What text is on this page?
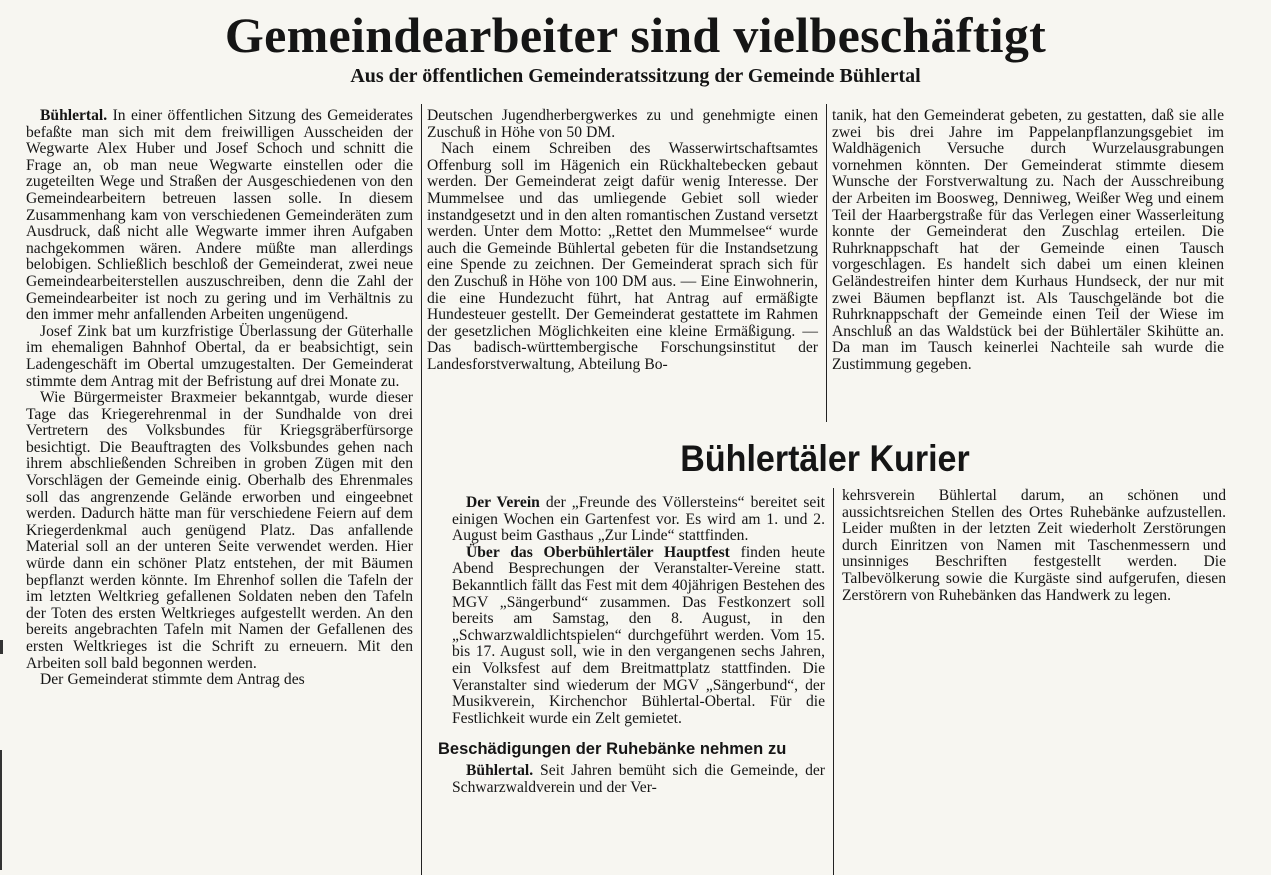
Gemeindearbeiter sind vielbeschäftigt
Aus der öffentlichen Gemeinderatssitzung der Gemeinde Bühlertal

Bühlertal. In einer öffentlichen Sitzung des Gemeiderates befaßte man sich mit dem freiwilligen Ausscheiden der Wegwarte Alex Huber und Josef Schoch und schnitt die Frage an, ob man neue Wegwarte einstellen oder die zugeteilten Wege und Straßen der Ausgeschiedenen von den Gemeindearbeitern betreuen lassen solle. In diesem Zusammenhang kam von verschiedenen Gemeinderäten zum Ausdruck, daß nicht alle Wegwarte immer ihren Aufgaben nachgekommen wären. Andere müßte man allerdings belobigen. Schließlich beschloß der Gemeinderat, zwei neue Gemeindearbeiterstellen auszuschreiben, denn die Zahl der Gemeindearbeiter ist noch zu gering und im Verhältnis zu den immer mehr anfallenden Arbeiten ungenügend.

Josef Zink bat um kurzfristige Überlassung der Güterhalle im ehemaligen Bahnhof Obertal, da er beabsichtigt, sein Ladengeschäft im Obertal umzugestalten. Der Gemeinderat stimmte dem Antrag mit der Befristung auf drei Monate zu.

Wie Bürgermeister Braxmeier bekanntgab, wurde dieser Tage das Kriegerehrenmal in der Sundhalde von drei Vertretern des Volksbundes für Kriegsgräberfürsorge besichtigt. Die Beauftragten des Volksbundes gehen nach ihrem abschließenden Schreiben in groben Zügen mit den Vorschlägen der Gemeinde einig. Oberhalb des Ehrenmales soll das angrenzende Gelände erworben und eingeebnet werden. Dadurch hätte man für verschiedene Feiern auf dem Kriegerdenkmal auch genügend Platz. Das anfallende Material soll an der unteren Seite verwendet werden. Hier würde dann ein schöner Platz entstehen, der mit Bäumen bepflanzt werden könnte. Im Ehrenhof sollen die Tafeln der im letzten Weltkrieg gefallenen Soldaten neben den Tafeln der Toten des ersten Weltkrieges aufgestellt werden. An den bereits angebrachten Tafeln mit Namen der Gefallenen des ersten Weltkrieges ist die Schrift zu erneuern. Mit den Arbeiten soll bald begonnen werden.

Der Gemeinderat stimmte dem Antrag des

Deutschen Jugendherbergwerkes zu und genehmigte einen Zuschuß in Höhe von 50 DM.

Nach einem Schreiben des Wasserwirtschaftsamtes Offenburg soll im Hägenich ein Rückhaltebecken gebaut werden. Der Gemeinderat zeigt dafür wenig Interesse. Der Mummelsee und das umliegende Gebiet soll wieder instandgesetzt und in den alten romantischen Zustand versetzt werden. Unter dem Motto: „Rettet den Mummelsee“ wurde auch die Gemeinde Bühlertal gebeten für die Instandsetzung eine Spende zu zeichnen. Der Gemeinderat sprach sich für den Zuschuß in Höhe von 100 DM aus. — Eine Einwohnerin, die eine Hundezucht führt, hat Antrag auf ermäßigte Hundesteuer gestellt. Der Gemeinderat gestattete im Rahmen der gesetzlichen Möglichkeiten eine kleine Ermäßigung. — Das badisch-württembergische Forschungsinstitut der Landesforstverwaltung, Abteilung Bo-

tanik, hat den Gemeinderat gebeten, zu gestatten, daß sie alle zwei bis drei Jahre im Pappelanpflanzungsgebiet im Waldhägenich Versuche durch Wurzelausgrabungen vornehmen könnten. Der Gemeinderat stimmte diesem Wunsche der Forstverwaltung zu. Nach der Ausschreibung der Arbeiten im Boosweg, Denniweg, Weißer Weg und einem Teil der Haarbergstraße für das Verlegen einer Wasserleitung konnte der Gemeinderat den Zuschlag erteilen. Die Ruhrknappschaft hat der Gemeinde einen Tausch vorgeschlagen. Es handelt sich dabei um einen kleinen Geländestreifen hinter dem Kurhaus Hundseck, der nur mit zwei Bäumen bepflanzt ist. Als Tauschgelände bot die Ruhrknappschaft der Gemeinde einen Teil der Wiese im Anschluß an das Waldstück bei der Bühlertäler Skihütte an. Da man im Tausch keinerlei Nachteile sah wurde die Zustimmung gegeben.

Bühlertäler Kurier

Der Verein der „Freunde des Völlersteins“ bereitet seit einigen Wochen ein Gartenfest vor. Es wird am 1. und 2. August beim Gasthaus „Zur Linde“ stattfinden.

Über das Oberbühlertäler Hauptfest finden heute Abend Besprechungen der Veranstalter-Vereine statt. Bekanntlich fällt das Fest mit dem 40jährigen Bestehen des MGV „Sängerbund“ zusammen. Das Festkonzert soll bereits am Samstag, den 8. August, in den „Schwarzwaldlichtspielen“ durchgeführt werden. Vom 15. bis 17. August soll, wie in den vergangenen sechs Jahren, ein Volksfest auf dem Breitmattplatz stattfinden. Die Veranstalter sind wiederum der MGV „Sängerbund“, der Musikverein, Kirchenchor Bühlertal-Obertal. Für die Festlichkeit wurde ein Zelt gemietet.

Beschädigungen der Ruhebänke nehmen zu

Bühlertal. Seit Jahren bemüht sich die Gemeinde, der Schwarzwaldverein und der Ver-

kehrsverein Bühlertal darum, an schönen und aussichtsreichen Stellen des Ortes Ruhebänke aufzustellen. Leider mußten in der letzten Zeit wiederholt Zerstörungen durch Einritzen von Namen mit Taschenmessern und unsinniges Beschriften festgestellt werden. Die Talbevölkerung sowie die Kurgäste sind aufgerufen, diesen Zerstörern von Ruhebänken das Handwerk zu legen.
